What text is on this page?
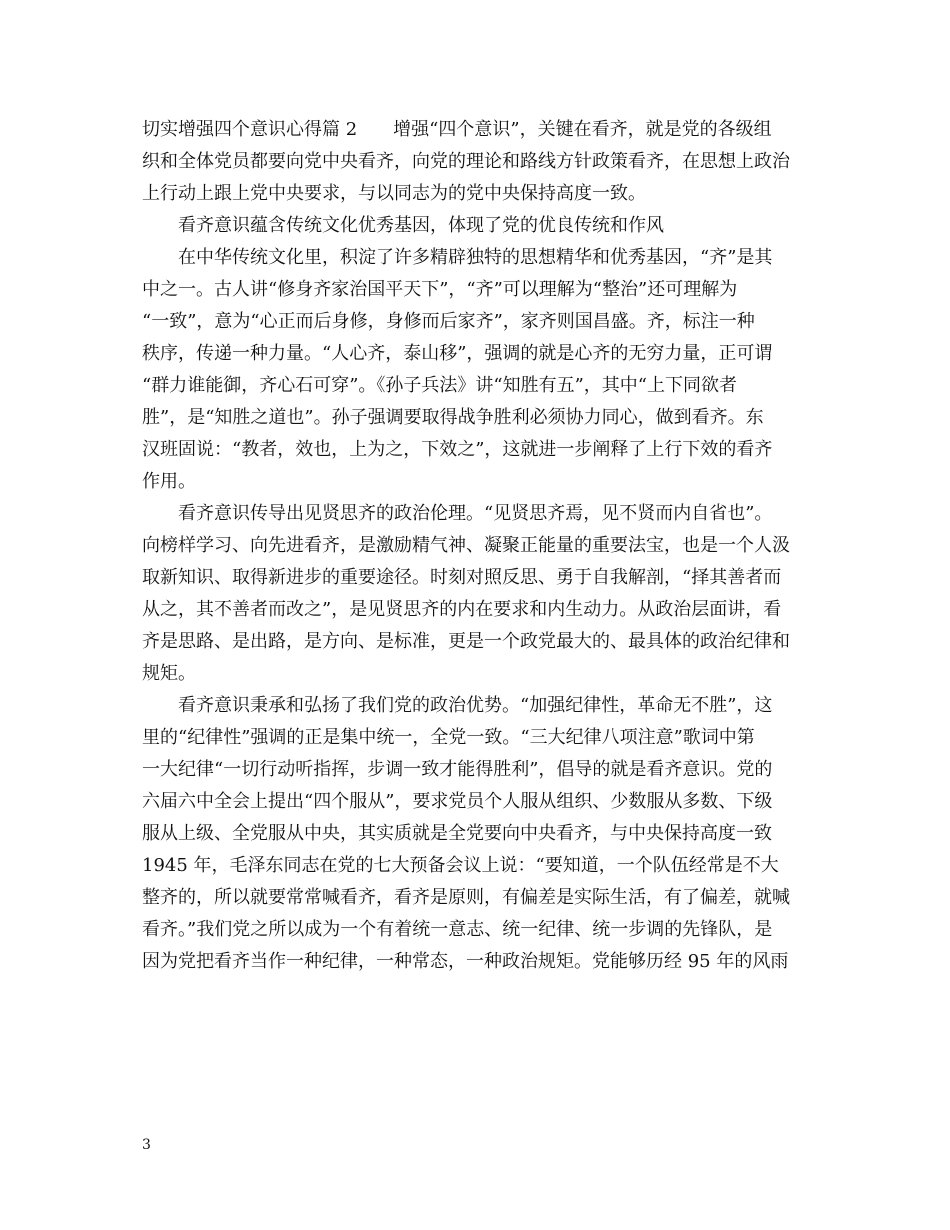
切实增强四个意识心得篇 2　　增强“四个意识”，关键在看齐，就是党的各级组
织和全体党员都要向党中央看齐，向党的理论和路线方针政策看齐，在思想上政治
上行动上跟上党中央要求，与以同志为的党中央保持高度一致。
看齐意识蕴含传统文化优秀基因，体现了党的优良传统和作风
在中华传统文化里，积淀了许多精辟独特的思想精华和优秀基因，“齐”是其
中之一。古人讲“修身齐家治国平天下”，“齐”可以理解为“整治”还可理解为
“一致”，意为“心正而后身修，身修而后家齐”，家齐则国昌盛。齐，标注一种
秩序，传递一种力量。“人心齐，泰山移”，强调的就是心齐的无穷力量，正可谓
“群力谁能御，齐心石可穿”。《孙子兵法》讲“知胜有五”，其中“上下同欲者
胜”，是“知胜之道也”。孙子强调要取得战争胜利必须协力同心，做到看齐。东
汉班固说：“教者，效也，上为之，下效之”，这就进一步阐释了上行下效的看齐
作用。
看齐意识传导出见贤思齐的政治伦理。“见贤思齐焉，见不贤而内自省也”。
向榜样学习、向先进看齐，是激励精气神、凝聚正能量的重要法宝，也是一个人汲
取新知识、取得新进步的重要途径。时刻对照反思、勇于自我解剖，“择其善者而
从之，其不善者而改之”，是见贤思齐的内在要求和内生动力。从政治层面讲，看
齐是思路、是出路，是方向、是标准，更是一个政党最大的、最具体的政治纪律和
规矩。
看齐意识秉承和弘扬了我们党的政治优势。“加强纪律性，革命无不胜”，这
里的“纪律性”强调的正是集中统一，全党一致。“三大纪律八项注意”歌词中第
一大纪律“一切行动听指挥，步调一致才能得胜利”，倡导的就是看齐意识。党的
六届六中全会上提出“四个服从”，要求党员个人服从组织、少数服从多数、下级
服从上级、全党服从中央，其实质就是全党要向中央看齐，与中央保持高度一致
1945 年，毛泽东同志在党的七大预备会议上说：“要知道，一个队伍经常是不大
整齐的，所以就要常常喊看齐，看齐是原则，有偏差是实际生活，有了偏差，就喊
看齐。”我们党之所以成为一个有着统一意志、统一纪律、统一步调的先锋队，是
因为党把看齐当作一种纪律，一种常态，一种政治规矩。党能够历经 95 年的风雨
3
